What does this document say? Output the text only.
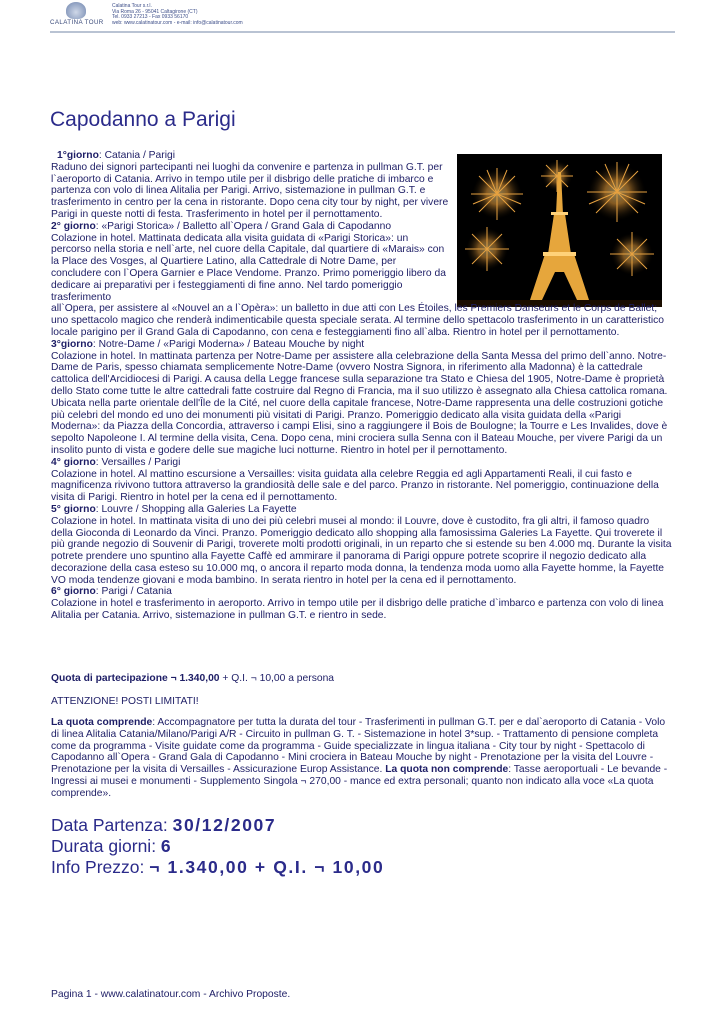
CALATINA TOUR
Calatina Tour s.r.l.
Via Roma 26 - 95041 Caltagirone (CT)
Tel. 0933 27213 - Fax 0933 56170
web: www.calatinatour.com - e-mail: info@calatinatour.com
Capodanno a Parigi

1°giorno: Catania / Parigi

Raduno dei signori partecipanti nei luoghi da convenire e partenza in pullman G.T. per l`aeroporto di Catania. Arrivo in tempo utile per il disbrigo delle pratiche di imbarco e partenza con volo di linea Alitalia per Parigi. Arrivo, sistemazione in pullman G.T. e trasferimento in centro per la cena in ristorante. Dopo cena city tour by night, per vivere Parigi in queste notti di festa. Trasferimento in hotel per il pernottamento.

2° giorno: «Parigi Storica» / Balletto all`Opera / Grand Gala di Capodanno

Colazione in hotel. Mattinata dedicata alla visita guidata di «Parigi Storica»: un percorso nella storia e nell`arte, nel cuore della Capitale, dal quartiere di «Marais» con la Place des Vosges, al Quartiere Latino, alla Cattedrale di Notre Dame, per concludere con l`Opera Garnier e Place Vendome. Pranzo. Primo pomeriggio libero da dedicare ai preparativi per i festeggiamenti di fine anno. Nel tardo pomeriggio trasferimento

all`Opera, per assistere al «Nouvel an a l`Opèra»: un balletto in due atti con Les Étoiles, les Premiers Danseurs et le Corps de Ballet; uno spettacolo magico che renderà indimenticabile questa speciale serata. Al termine dello spettacolo trasferimento in un caratteristico locale parigino per il Grand Gala di Capodanno, con cena e festeggiamenti fino all`alba. Rientro in hotel per il pernottamento.

3°giorno: Notre-Dame / «Parigi Moderna» / Bateau Mouche by night

Colazione in hotel. In mattinata partenza per Notre-Dame per assistere alla celebrazione della Santa Messa del primo dell`anno. Notre-Dame de Paris, spesso chiamata semplicemente Notre-Dame (ovvero Nostra Signora, in riferimento alla Madonna) è la cattedrale cattolica dell'Arcidiocesi di Parigi. A causa della Legge francese sulla separazione tra Stato e Chiesa del 1905, Notre-Dame è proprietà dello Stato come tutte le altre cattedrali fatte costruire dal Regno di Francia, ma il suo utilizzo è assegnato alla Chiesa cattolica romana. Ubicata nella parte orientale dell'Île de la Cité, nel cuore della capitale francese, Notre-Dame rappresenta una delle costruzioni gotiche più celebri del mondo ed uno dei monumenti più visitati di Parigi. Pranzo. Pomeriggio dedicato alla visita guidata della «Parigi Moderna»: da Piazza della Concordia, attraverso i campi Elisi, sino a raggiungere il Bois de Boulogne; la Tourre e Les Invalides, dove è sepolto Napoleone I. Al termine della visita, Cena. Dopo cena, mini crociera sulla Senna con il Bateau Mouche, per vivere Parigi da un insolito punto di vista e godere delle sue magiche luci notturne. Rientro in hotel per il pernottamento.

4° giorno: Versailles / Parigi

Colazione in hotel. Al mattino escursione a Versailles: visita guidata alla celebre Reggia ed agli Appartamenti Reali, il cui fasto e magnificenza rivivono tuttora attraverso la grandiosità delle sale e del parco. Pranzo in ristorante. Nel pomeriggio, continuazione della visita di Parigi. Rientro in hotel per la cena ed il pernottamento.

5° giorno: Louvre / Shopping alla Galeries La Fayette

Colazione in hotel. In mattinata visita di uno dei più celebri musei al mondo: il Louvre, dove è custodito, fra gli altri, il famoso quadro della Gioconda di Leonardo da Vinci. Pranzo. Pomeriggio dedicato allo shopping alla famosissima Galeries La Fayette. Qui troverete il più grande negozio di Souvenir di Parigi, troverete molti prodotti originali, in un reparto che si estende su ben 4.000 mq. Durante la visita potrete prendere uno spuntino alla Fayette Caffè ed ammirare il panorama di Parigi oppure potrete scoprire il negozio dedicato alla decorazione della casa esteso su 10.000 mq, o ancora il reparto moda donna, la tendenza moda uomo alla Fayette homme, la Fayette VO moda tendenze giovani e moda bambino. In serata rientro in hotel per la cena ed il pernottamento.

6° giorno: Parigi / Catania

Colazione in hotel e trasferimento in aeroporto. Arrivo in tempo utile per il disbrigo delle pratiche d`imbarco e partenza con volo di linea Alitalia per Catania. Arrivo, sistemazione in pullman G.T. e rientro in sede.

Quota di partecipazione ¬ 1.340,00 + Q.I. ¬ 10,00 a persona
ATTENZIONE! POSTI LIMITATI!
La quota comprende: Accompagnatore per tutta la durata del tour - Trasferimenti in pullman G.T. per e dal`aeroporto di Catania - Volo di linea Alitalia Catania/Milano/Parigi A/R - Circuito in pullman G. T. - Sistemazione in hotel 3*sup. - Trattamento di pensione completa come da programma - Visite guidate come da programma - Guide specializzate in lingua italiana - City tour by night - Spettacolo di Capodanno all`Opera - Grand Gala di Capodanno - Mini crociera in Bateau Mouche by night - Prenotazione per la visita del Louvre - Prenotazione per la visita di Versailles - Assicurazione Europ Assistance. La quota non comprende: Tasse aeroportuali - Le bevande - Ingressi ai musei e monumenti - Supplemento Singola ¬ 270,00 - mance ed extra personali; quanto non indicato alla voce «La quota comprende».
Data Partenza: 30/12/2007
Durata giorni: 6
Info Prezzo: ¬ 1.340,00 + Q.I. ¬ 10,00
Pagina 1 - www.calatinatour.com - Archivo Proposte.
